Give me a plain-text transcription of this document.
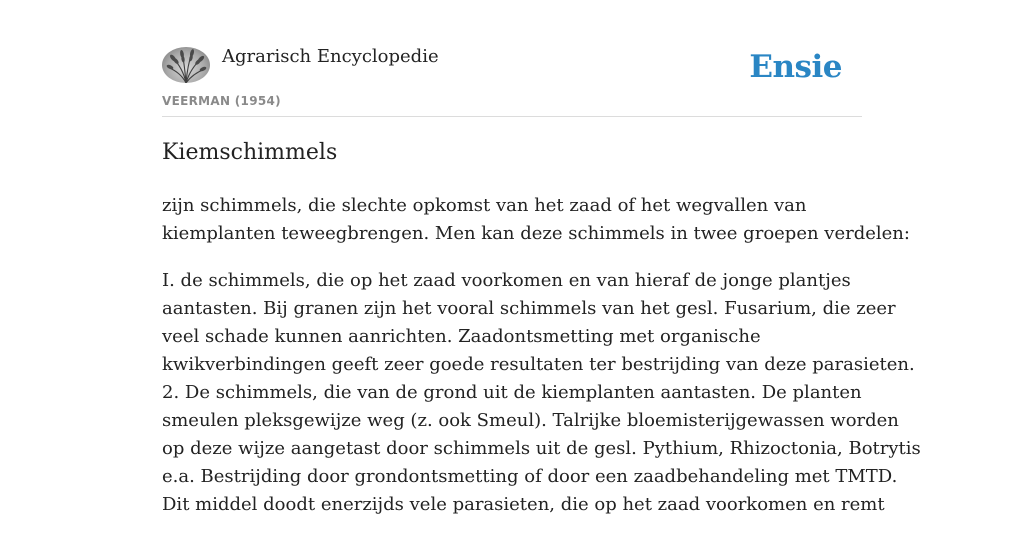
Agrarisch Encyclopedie
VEERMAN (1954)
Ensie
Kiemschimmels

zijn schimmels, die slechte opkomst van het zaad of het wegvallen van
kiemplanten teweegbrengen. Men kan deze schimmels in twee groepen verdelen:

I. de schimmels, die op het zaad voorkomen en van hieraf de jonge plantjes
aantasten. Bij granen zijn het vooral schimmels van het gesl. Fusarium, die zeer
veel schade kunnen aanrichten. Zaadontsmetting met organische
kwikverbindingen geeft zeer goede resultaten ter bestrijding van deze parasieten.
2. De schimmels, die van de grond uit de kiemplanten aantasten. De planten
smeulen pleksgewijze weg (z. ook Smeul). Talrijke bloemisterijgewassen worden
op deze wijze aangetast door schimmels uit de gesl. Pythium, Rhizoctonia, Botrytis
e.a. Bestrijding door grondontsmetting of door een zaadbehandeling met TMTD.
Dit middel doodt enerzijds vele parasieten, die op het zaad voorkomen en remt
